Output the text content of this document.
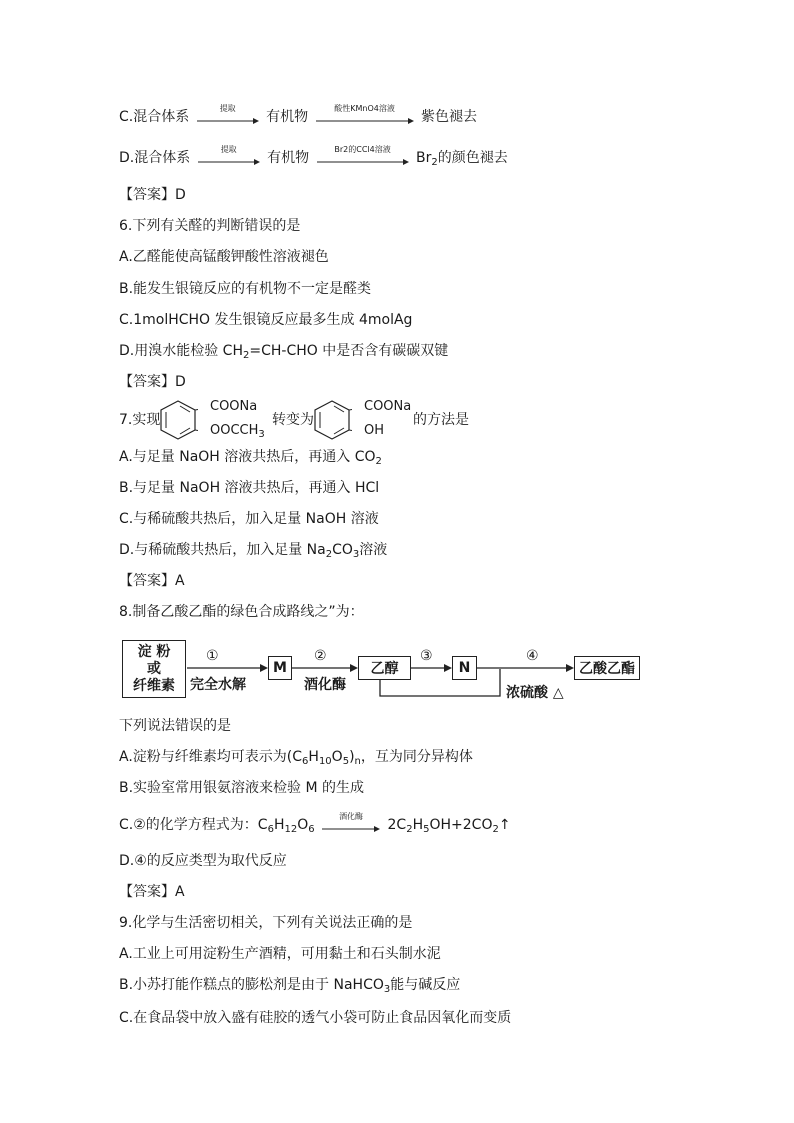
C.混合体系
提取
有机物
酸性KMnO4溶液
紫色褪去
D.混合体系
提取
有机物
Br2的CCl4溶液
$Br_2$的颜色褪去
【答案】D
6.下列有关醛的判断错误的是
A.乙醛能使高锰酸钾酸性溶液褪色
B.能发生银镜反应的有机物不一定是醛类
C.1molHCHO 发生银镜反应最多生成 4molAg
D.用溴水能检验 $CH_2=CH$-CHO 中是否含有碳碳双键
【答案】D
7.实现
COONa
$OOCCH_3$
转变为
COONa
OH
的方法是
A.与足量 NaOH 溶液共热后，再通入 $CO_2$
B.与足量 NaOH 溶液共热后，再通入 HCl
C.与稀硫酸共热后，加入足量 NaOH 溶液
D.与稀硫酸共热后，加入足量 $Na_2CO_3$溶液
【答案】A
8.制备乙酸乙酯的绿色合成路线之”为：
淀 粉
或
纤维素
①
完全水解
M
②
酒化酶
乙醇
③
N
④
浓硫酸 △
乙酸乙酯
下列说法错误的是
A.淀粉与纤维素均可表示为$(C_6H_{10}O_5)_n$，互为同分异构体
B.实验室常用银氨溶液来检验 M 的生成
C.②的化学方程式为：$C_6H_{12}O_6$
酒化酶
$2C_2H_5OH+2CO_2↑$
D.④的反应类型为取代反应
【答案】A
9.化学与生活密切相关，下列有关说法正确的是
A.工业上可用淀粉生产酒精，可用黏土和石头制水泥
B.小苏打能作糕点的膨松剂是由于 NaHCO$_3$能与碱反应
C.在食品袋中放入盛有硅胶的透气小袋可防止食品因氧化而变质
